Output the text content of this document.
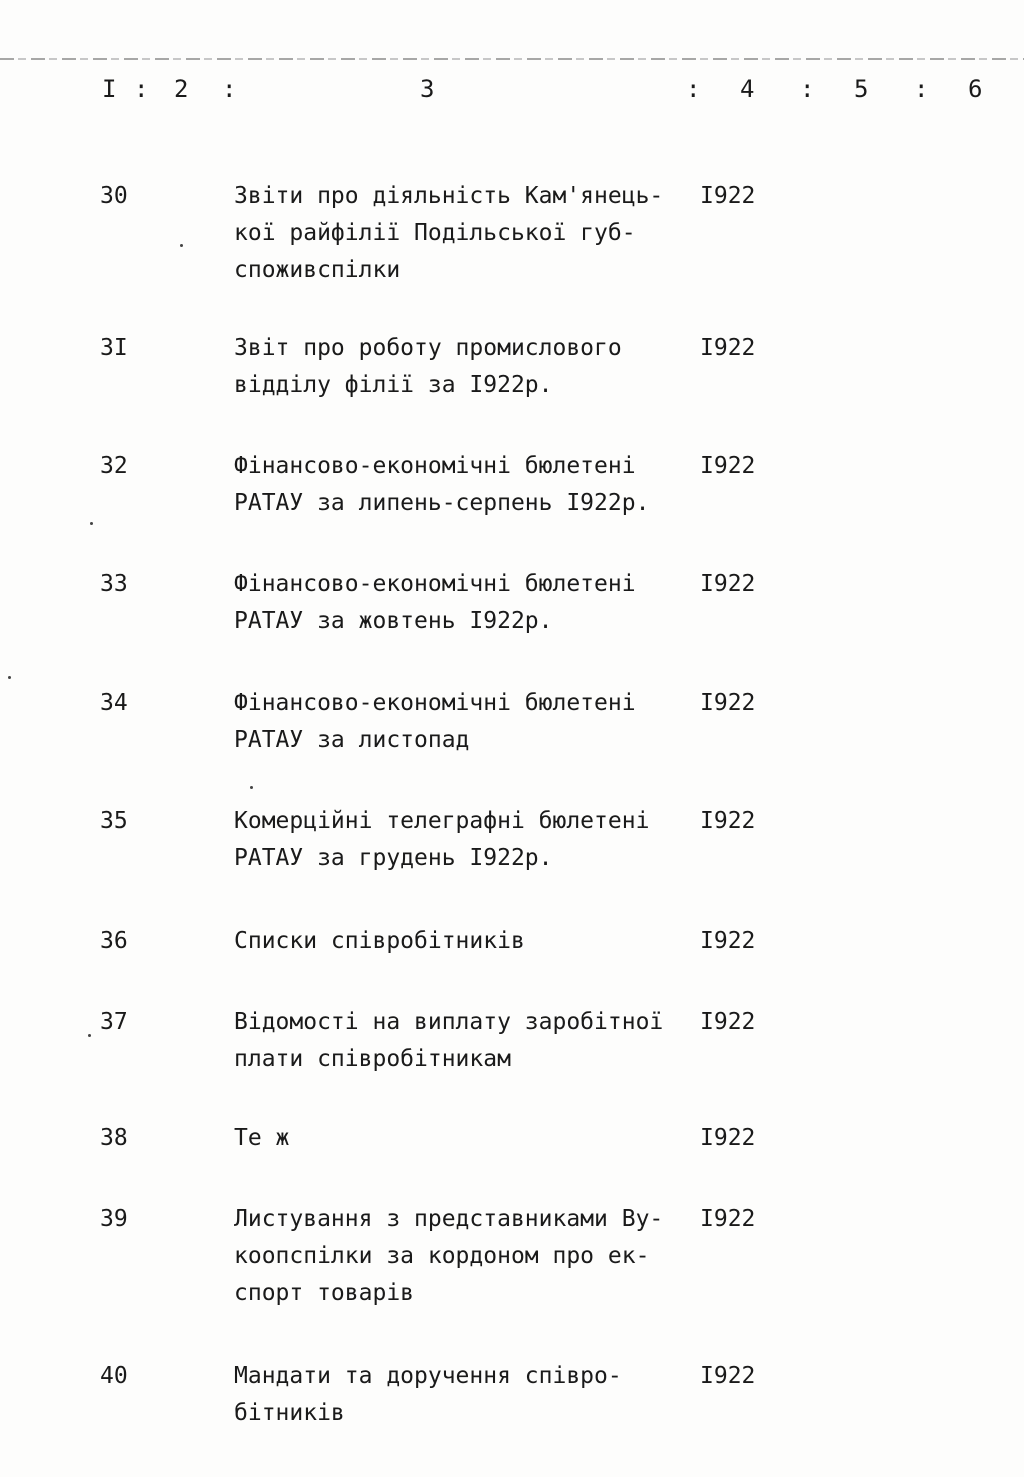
I : 2 :	3	: 4 : 5 : 6
30	Звіти про діяльність Кам'янець-
кої райфілії Подільської губ-
споживспілки
I922
3I	Звіт про роботу промислового
відділу філії за I922р.
I922
32	Фінансово-економічні бюлетені
РАТАУ за липень-серпень I922р.
I922
33	Фінансово-економічні бюлетені
РАТАУ за жовтень I922р.
I922
34	Фінансово-економічні бюлетені
РАТАУ за листопад
I922
35	Комерційні телеграфні бюлетені
РАТАУ за грудень I922р.
I922
36	Списки співробітників	I922
37	Відомості на виплату заробітної
плати співробітникам
I922
38	Те ж	I922
39	Листування з представниками Ву-
коопспілки за кордоном про ек-
спорт товарів
I922
40	Мандати та доручення співро-
бітників
I922
